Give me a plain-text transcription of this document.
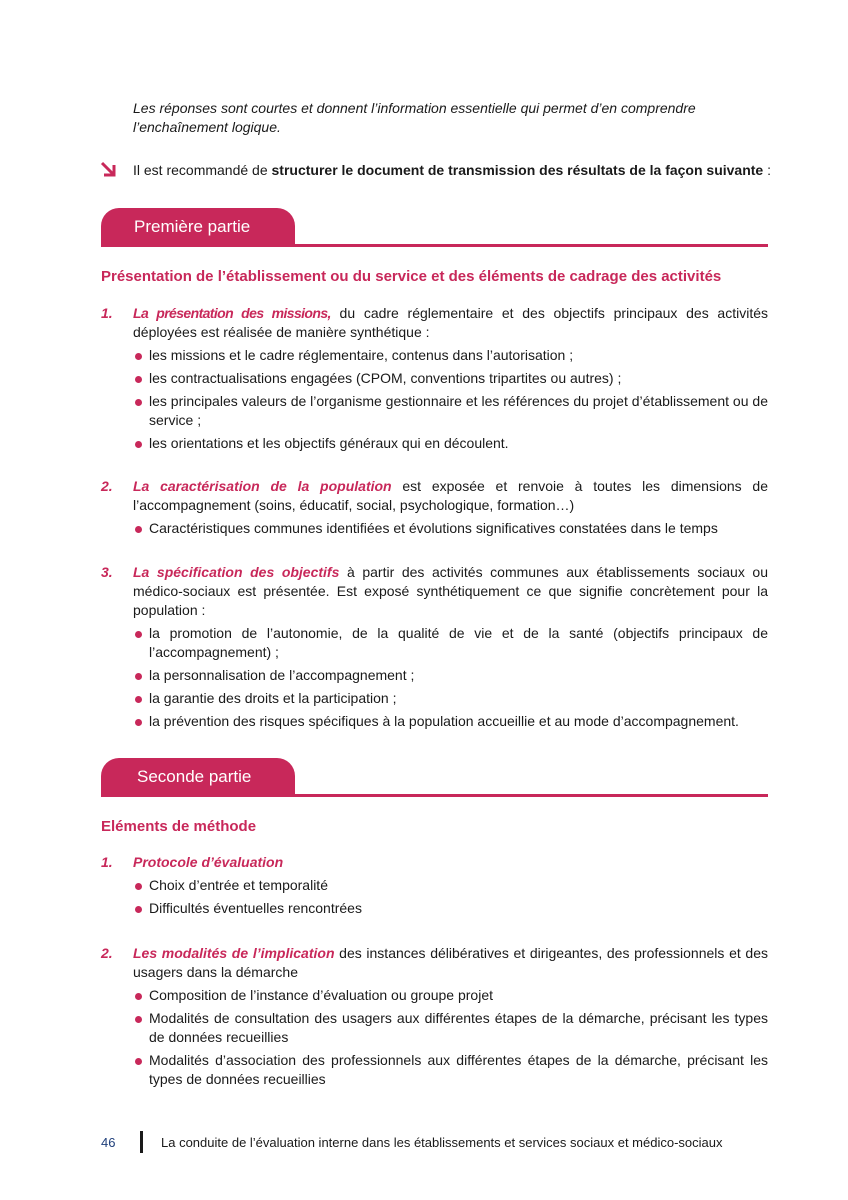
Les réponses sont courtes et donnent l’information essentielle qui permet d’en comprendre l’enchaînement logique.
Il est recommandé de structurer le document de transmission des résultats de la façon suivante :
Première partie
Présentation de l’établissement ou du service et des éléments de cadrage des activités
1. La présentation des missions, du cadre réglementaire et des objectifs principaux des activités déployées est réalisée de manière synthétique :
les missions et le cadre réglementaire, contenus dans l’autorisation ;
les contractualisations engagées (CPOM, conventions tripartites ou autres) ;
les principales valeurs de l’organisme gestionnaire et les références du projet d’établissement ou de service ;
les orientations et les objectifs généraux qui en découlent.
2. La caractérisation de la population est exposée et renvoie à toutes les dimensions de l’accompagnement (soins, éducatif, social, psychologique, formation…)
Caractéristiques communes identifiées et évolutions significatives constatées dans le temps
3. La spécification des objectifs à partir des activités communes aux établissements sociaux ou médico-sociaux est présentée. Est exposé synthétiquement ce que signifie concrètement pour la population :
la promotion de l’autonomie, de la qualité de vie et de la santé (objectifs principaux de l’accompagnement) ;
la personnalisation de l’accompagnement ;
la garantie des droits et la participation ;
la prévention des risques spécifiques à la population accueillie et au mode d’accompagnement.
Seconde partie
Eléments de méthode
1. Protocole d’évaluation
Choix d’entrée et temporalité
Difficultés éventuelles rencontrées
2. Les modalités de l’implication des instances délibératives et dirigeantes, des professionnels et des usagers dans la démarche
Composition de l’instance d’évaluation ou groupe projet
Modalités de consultation des usagers aux différentes étapes de la démarche, précisant les types de données recueillies
Modalités d’association des professionnels aux différentes étapes de la démarche, précisant les types de données recueillies
46	La conduite de l’évaluation interne dans les établissements et services sociaux et médico-sociaux
